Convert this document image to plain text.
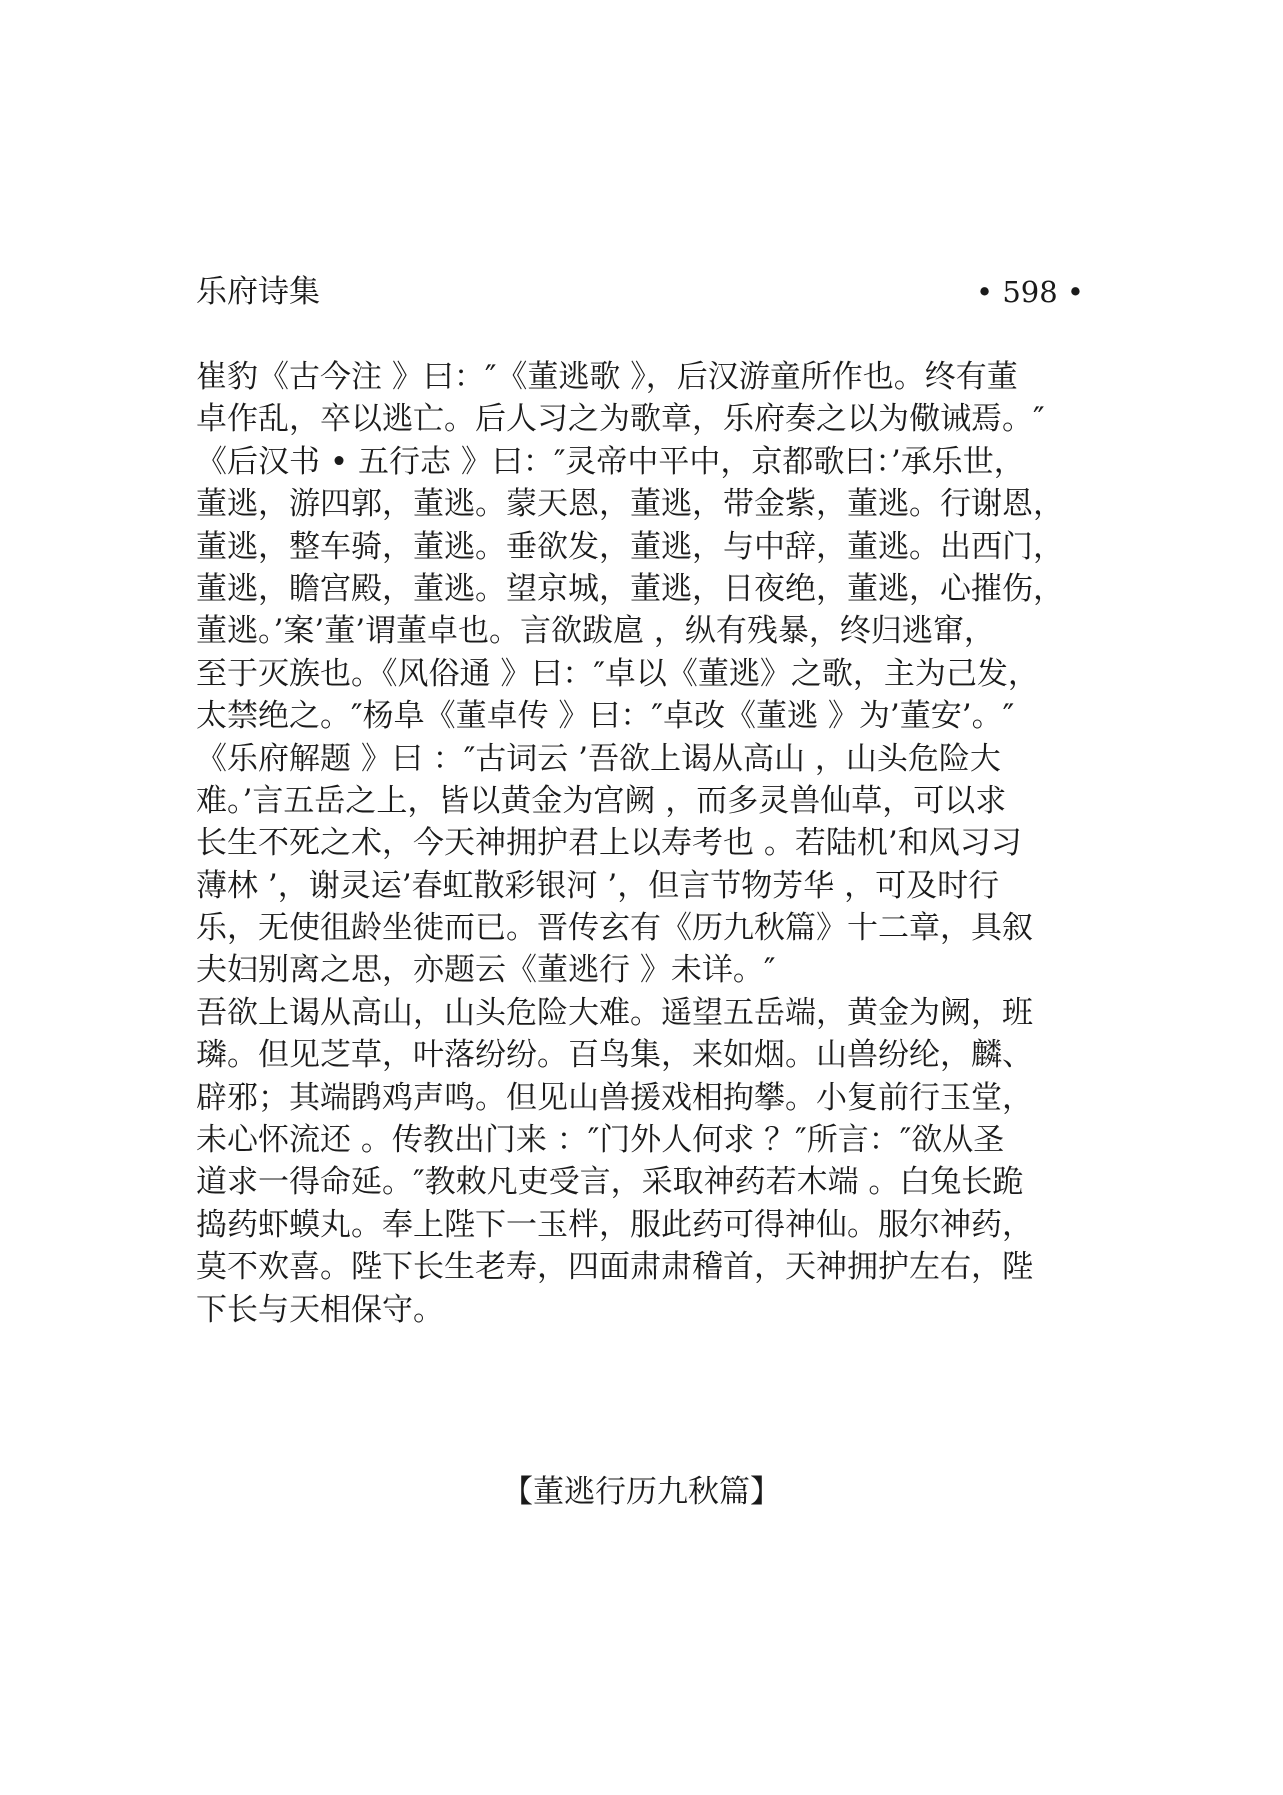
乐府诗集	• 598 •
崔豹《古今注 》曰：″《董逃歌 》，后汉游童所作也。终有董
卓作乱，卒以逃亡。后人习之为歌章，乐府奏之以为儆诫焉。″
《后汉书 • 五行志 》曰：″灵帝中平中，京都歌曰：’承乐世，
董逃，游四郭，董逃。蒙天恩，董逃，带金紫，董逃。行谢恩，
董逃，整车骑，董逃。垂欲发，董逃，与中辞，董逃。出西门，
董逃，瞻宫殿，董逃。望京城，董逃，日夜绝，董逃，心摧伤，
董逃。’案’董’谓董卓也。言欲跋扈 ，纵有残暴，终归逃窜，
至于灭族也。《风俗通 》曰：″卓以《董逃》之歌，主为己发，
太禁绝之。″杨阜《董卓传 》曰：″卓改《董逃 》为’董安’。″
《乐府解题 》曰 ：″古词云 ’吾欲上谒从高山 ，山头危险大
难。’言五岳之上，皆以黄金为宫阙 ，而多灵兽仙草，可以求
长生不死之术，今天神拥护君上以寿考也 。若陆机’和风习习
薄林 ’，谢灵运’春虹散彩银河 ’，但言节物芳华 ，可及时行
乐，无使徂龄坐徙而已。晋传玄有《历九秋篇》十二章，具叙
夫妇别离之思，亦题云《董逃行 》未详。″
吾欲上谒从高山，山头危险大难。遥望五岳端，黄金为阙，班
璘。但见芝草，叶落纷纷。百鸟集，来如烟。山兽纷纶，麟、
辟邪；其端鹍鸡声鸣。但见山兽援戏相拘攀。小复前行玉堂，
未心怀流还 。传教出门来 ：″门外人何求 ？″所言：″欲从圣
道求一得命延。″教敕凡吏受言，采取神药若木端 。白兔长跪
捣药虾蟆丸。奉上陛下一玉柈，服此药可得神仙。服尔神药，
莫不欢喜。陛下长生老寿，四面肃肃稽首，天神拥护左右，陛
下长与天相保守。
【董逃行历九秋篇】
